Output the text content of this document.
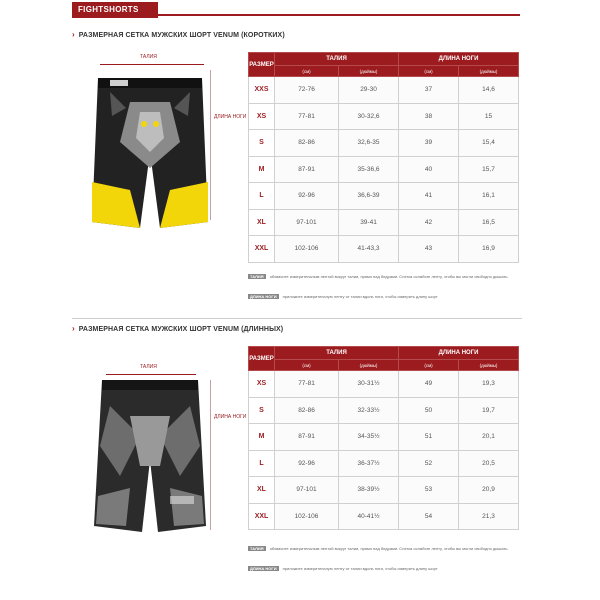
FIGHTSHORTS
› РАЗМЕРНАЯ СЕТКА МУЖСКИХ ШОРТ VENUM (КОРОТКИХ)
ТАЛИЯ
ДЛИНА НОГИ
РАЗМЕР	ТАЛИЯ		ДЛИНА НОГИ	
	(см)	(дюймы)	(см)	(дюймы)
XXS	72-76	29-30	37	14,6
XS	77-81	30-32,6	38	15
S	82-86	32,6-35	39	15,4
M	87-91	35-36,6	40	15,7
L	92-96	36,6-39	41	16,1
XL	97-101	39-41	42	16,5
XXL	102-106	41-43,3	43	16,9
ТАЛИЯ обхвачите измерительным лентой вокруг талии, прямо над бедрами. Слегка ослабьте ленту, чтобы вы могли свободно дышать.
ДЛИНА НОГИ приложите измерительную ленту от талии вдоль ноги, чтобы измерить длину шорт
› РАЗМЕРНАЯ СЕТКА МУЖСКИХ ШОРТ VENUM (ДЛИННЫХ)
ТАЛИЯ
ДЛИНА НОГИ
РАЗМЕР	ТАЛИЯ		ДЛИНА НОГИ	
	(см)	(дюймы)	(см)	(дюймы)
XS	77-81	30-31½	49	19,3
S	82-86	32-33½	50	19,7
M	87-91	34-35½	51	20,1
L	92-96	36-37½	52	20,5
XL	97-101	38-39½	53	20,9
XXL	102-106	40-41½	54	21,3
ТАЛИЯ обхвачите измерительным лентой вокруг талии, прямо над бедрами. Слегка ослабьте ленту, чтобы вы могли свободно дышать.
ДЛИНА НОГИ приложите измерительную ленту от талии вдоль ноги, чтобы измерить длину шорт
